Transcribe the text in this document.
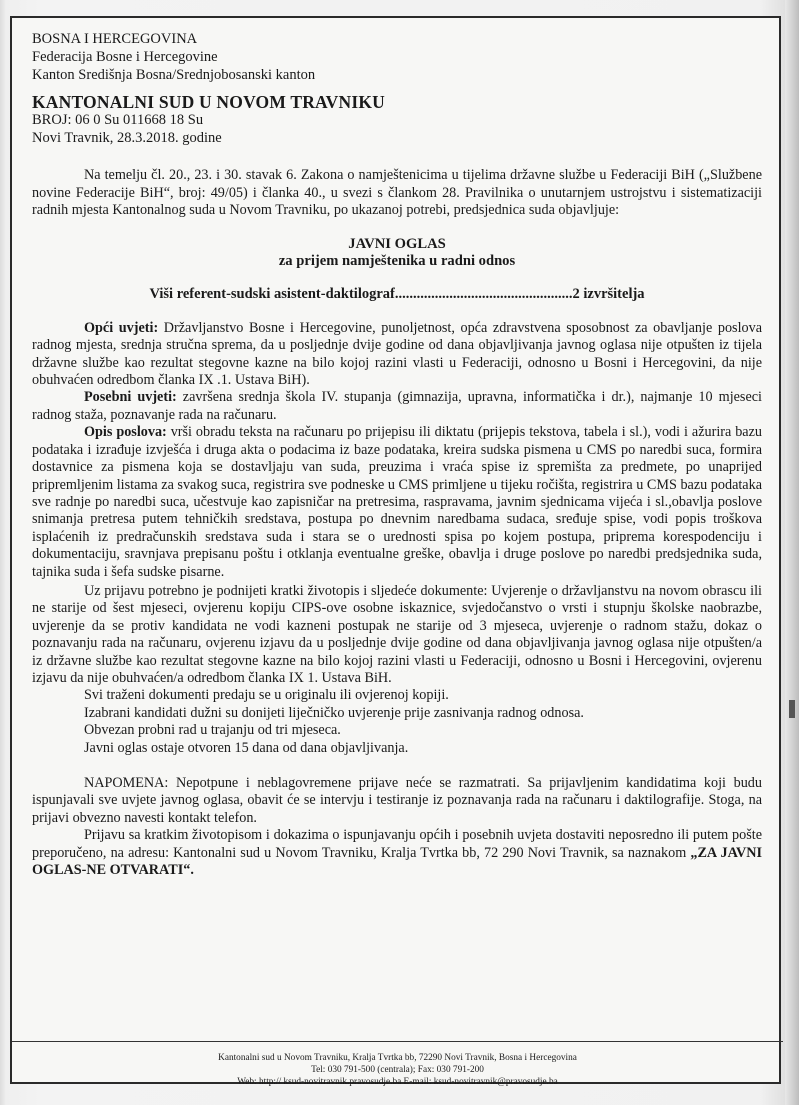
BOSNA I HERCEGOVINA
Federacija Bosne i Hercegovine
Kanton Središnja Bosna/Srednjobosanski kanton
KANTONALNI SUD U NOVOM TRAVNIKU
BROJ: 06 0 Su 011668 18 Su
Novi Travnik, 28.3.2018. godine

Na temelju čl. 20., 23. i 30. stavak 6. Zakona o namještenicima u tijelima državne službe u Federaciji BiH („Službene novine Federacije BiH“, broj: 49/05) i članka 40., u svezi s člankom 28. Pravilnika o unutarnjem ustrojstvu i sistematizaciji radnih mjesta Kantonalnog suda u Novom Travniku, po ukazanoj potrebi, predsjednica suda objavljuje:

JAVNI OGLAS
za prijem namještenika u radni odnos
Viši referent-sudski asistent-daktilograf.................................................2 izvršitelja

Opći uvjeti: Državljanstvo Bosne i Hercegovine, punoljetnost, opća zdravstvena sposobnost za obavljanje poslova radnog mjesta, srednja stručna sprema, da u posljednje dvije godine od dana objavljivanja javnog oglasa nije otpušten iz tijela državne službe kao rezultat stegovne kazne na bilo kojoj razini vlasti u Federaciji, odnosno u Bosni i Hercegovini, da nije obuhvaćen odredbom članka IX .1. Ustava BiH).

Posebni uvjeti: završena srednja škola IV. stupanja (gimnazija, upravna, informatička i dr.), najmanje 10 mjeseci radnog staža, poznavanje rada na računaru.

Opis poslova: vrši obradu teksta na računaru po prijepisu ili diktatu (prijepis tekstova, tabela i sl.), vodi i ažurira bazu podataka i izrađuje izvješća i druga akta o podacima iz baze podataka, kreira sudska pismena u CMS po naredbi suca, formira dostavnice za pismena koja se dostavljaju van suda, preuzima i vraća spise iz spremišta za predmete, po unaprijed pripremljenim listama za svakog suca, registrira sve podneske u CMS primljene u tijeku ročišta, registrira u CMS bazu podataka sve radnje po naredbi suca, učestvuje kao zapisničar na pretresima, raspravama, javnim sjednicama vijeća i sl.,obavlja poslove snimanja pretresa putem tehničkih sredstava, postupa po dnevnim naredbama sudaca, sređuje spise, vodi popis troškova isplaćenih iz predračunskih sredstava suda i stara se o urednosti spisa po kojem postupa, priprema korespodenciju i dokumentaciju, sravnjava prepisanu poštu i otklanja eventualne greške, obavlja i druge poslove po naredbi predsjednika suda, tajnika suda i šefa sudske pisarne.

Uz prijavu potrebno je podnijeti kratki životopis i sljedeće dokumente: Uvjerenje o državljanstvu na novom obrascu ili ne starije od šest mjeseci, ovjerenu kopiju CIPS-ove osobne iskaznice, svjedočanstvo o vrsti i stupnju školske naobrazbe, uvjerenje da se protiv kandidata ne vodi kazneni postupak ne starije od 3 mjeseca, uvjerenje o radnom stažu, dokaz o poznavanju rada na računaru, ovjerenu izjavu da u posljednje dvije godine od dana objavljivanja javnog oglasa nije otpušten/a iz državne službe kao rezultat stegovne kazne na bilo kojoj razini vlasti u Federaciji, odnosno u Bosni i Hercegovini, ovjerenu izjavu da nije obuhvaćen/a odredbom članka IX 1. Ustava BiH.

Svi traženi dokumenti predaju se u originalu ili ovjerenoj kopiji.
Izabrani kandidati dužni su donijeti liječničko uvjerenje prije zasnivanja radnog odnosa.
Obvezan probni rad u trajanju od tri mjeseca.
Javni oglas ostaje otvoren 15 dana od dana objavljivanja.

NAPOMENA: Nepotpune i neblagovremene prijave neće se razmatrati. Sa prijavljenim kandidatima koji budu ispunjavali sve uvjete javnog oglasa, obavit će se intervju i testiranje iz poznavanja rada na računaru i daktilografije. Stoga, na prijavi obvezno navesti kontakt telefon.

Prijavu sa kratkim životopisom i dokazima o ispunjavanju općih i posebnih uvjeta dostaviti neposredno ili putem pošte preporučeno, na adresu: Kantonalni sud u Novom Travniku, Kralja Tvrtka bb, 72 290 Novi Travnik, sa naznakom „ZA JAVNI OGLAS-NE OTVARATI“.

Kantonalni sud u Novom Travniku, Kralja Tvrtka bb, 72290 Novi Travnik, Bosna i Hercegovina
Tel: 030 791-500 (centrala); Fax: 030 791-200
Web: http:// ksud-novitravnik.pravosudje.ba E-mail: ksud-novitravnik@pravosudje.ba
